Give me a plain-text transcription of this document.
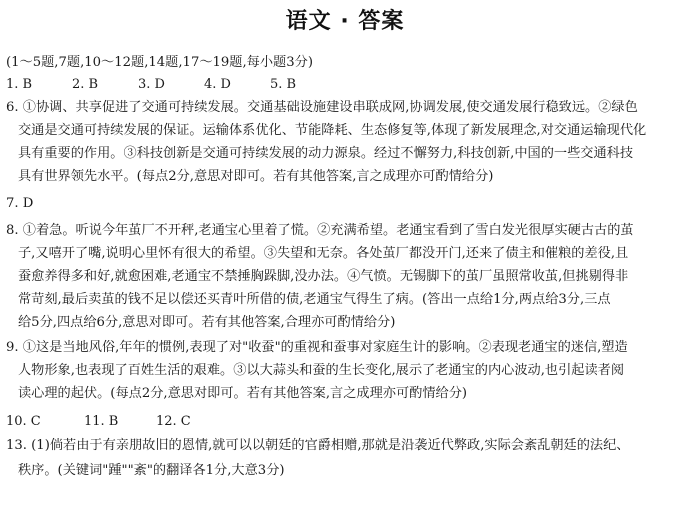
语文 · 答案
(1～5题,7题,10～12题,14题,17～19题,每小题3分)
1. B	2. B	3. D	4. D	5. B
6. ①协调、共享促进了交通可持续发展。交通基础设施建设串联成网,协调发展,使交通发展行稳致远。②绿色
交通是交通可持续发展的保证。运输体系优化、节能降耗、生态修复等,体现了新发展理念,对交通运输现代化
具有重要的作用。③科技创新是交通可持续发展的动力源泉。经过不懈努力,科技创新,中国的一些交通科技
具有世界领先水平。(每点2分,意思对即可。若有其他答案,言之成理亦可酌情给分)
7. D
8. ①着急。听说今年茧厂不开秤,老通宝心里着了慌。②充满希望。老通宝看到了雪白发光很厚实硬古古的茧
子,又嘻开了嘴,说明心里怀有很大的希望。③失望和无奈。各处茧厂都没开门,还来了债主和催粮的差役,且
蚕愈养得多和好,就愈困难,老通宝不禁捶胸跺脚,没办法。④气愤。无锡脚下的茧厂虽照常收茧,但挑剔得非
常苛刻,最后卖茧的钱不足以偿还买青叶所借的债,老通宝气得生了病。(答出一点给1分,两点给3分,三点
给5分,四点给6分,意思对即可。若有其他答案,合理亦可酌情给分)
9. ①这是当地风俗,年年的惯例,表现了对"收蚕"的重视和蚕事对家庭生计的影响。②表现老通宝的迷信,塑造
人物形象,也表现了百姓生活的艰难。③以大蒜头和蚕的生长变化,展示了老通宝的内心波动,也引起读者阅
读心理的起伏。(每点2分,意思对即可。若有其他答案,言之成理亦可酌情给分)
10. C	11. B	12. C
13. (1)倘若由于有亲朋故旧的恩情,就可以以朝廷的官爵相赠,那就是沿袭近代弊政,实际会紊乱朝廷的法纪、
秩序。(关键词"踵""紊"的翻译各1分,大意3分)
